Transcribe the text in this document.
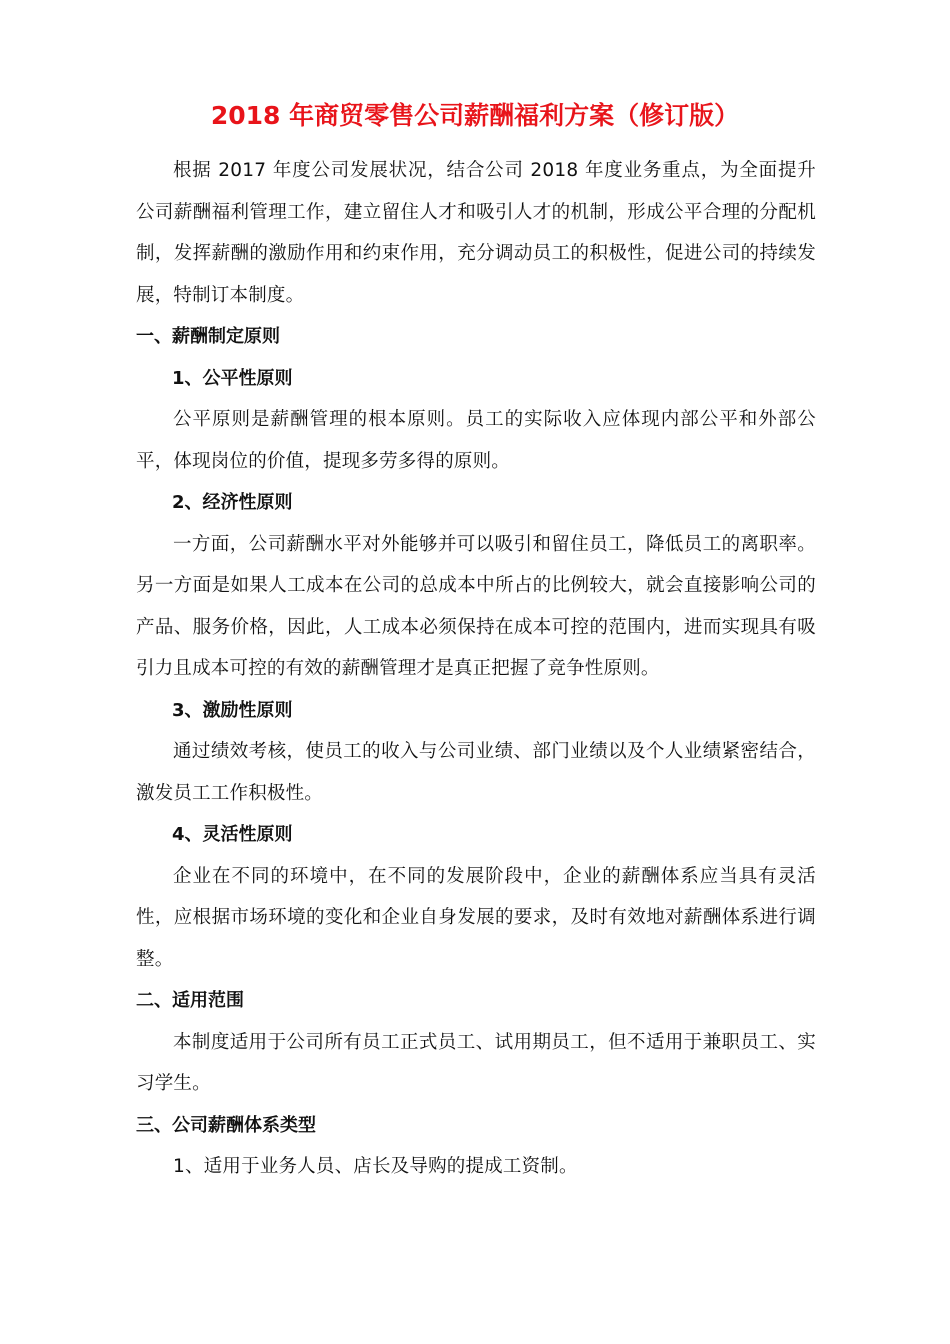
2018 年商贸零售公司薪酬福利方案（修订版）

根据 2017 年度公司发展状况，结合公司 2018 年度业务重点，为全面提升公司薪酬福利管理工作，建立留住人才和吸引人才的机制，形成公平合理的分配机制，发挥薪酬的激励作用和约束作用，充分调动员工的积极性，促进公司的持续发展，特制订本制度。

一、薪酬制定原则

1、公平性原则

公平原则是薪酬管理的根本原则。员工的实际收入应体现内部公平和外部公平，体现岗位的价值，提现多劳多得的原则。

2、经济性原则

一方面，公司薪酬水平对外能够并可以吸引和留住员工，降低员工的离职率。另一方面是如果人工成本在公司的总成本中所占的比例较大，就会直接影响公司的产品、服务价格，因此，人工成本必须保持在成本可控的范围内，进而实现具有吸引力且成本可控的有效的薪酬管理才是真正把握了竞争性原则。

3、激励性原则

通过绩效考核，使员工的收入与公司业绩、部门业绩以及个人业绩紧密结合，激发员工工作积极性。

4、灵活性原则

企业在不同的环境中，在不同的发展阶段中，企业的薪酬体系应当具有灵活性，应根据市场环境的变化和企业自身发展的要求，及时有效地对薪酬体系进行调整。

二、适用范围

本制度适用于公司所有员工正式员工、试用期员工，但不适用于兼职员工、实习学生。

三、公司薪酬体系类型

1、适用于业务人员、店长及导购的提成工资制。
